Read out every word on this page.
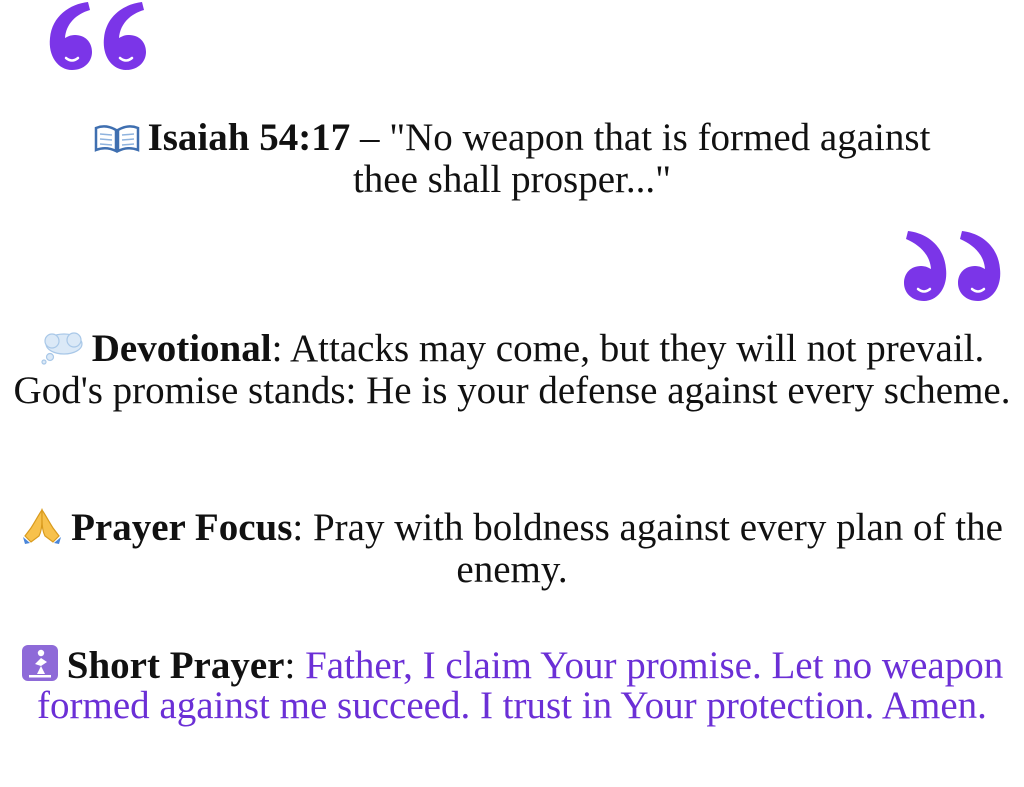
Isaiah 54:17 – "No weapon that is formed against thee shall prosper..."
Devotional: Attacks may come, but they will not prevail. God's promise stands: He is your defense against every scheme.
Prayer Focus: Pray with boldness against every plan of the enemy.
Short Prayer: Father, I claim Your promise. Let no weapon formed against me succeed. I trust in Your protection. Amen.
